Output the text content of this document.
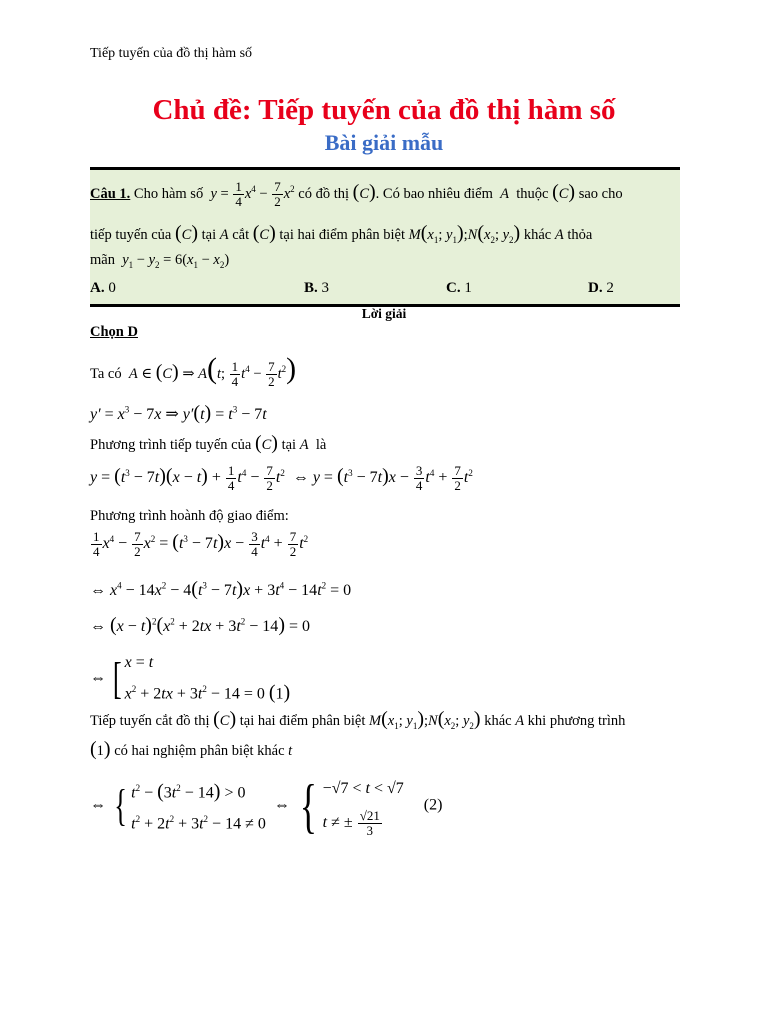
Tiếp tuyến của đồ thị hàm số
Chủ đề: Tiếp tuyến của đồ thị hàm số
Bài giải mẫu
Câu 1. Cho hàm số $y = \frac{1}{4} x^4 - \frac{7}{2} x^2$ có đồ thị (C). Có bao nhiêu điểm A thuộc (C) sao cho
tiếp tuyến của (C) tại A cắt (C) tại hai điểm phân biệt $M(x_1$; $y_1);N(x_2$; $y_2$) khác A thỏa
mãn $y_1 - y_2 = 6(x_1 - x_2)$
A. 0	B. 3	C. 1	D. 2
Lời giải
Chọn D
Ta có A ∈ (C) ⇒ A(t; $\frac{1}{4} t^4 - \frac{7}{2} t^2$)
$y' = x^3 - 7x$ ⇒ $y'(t) = t^3 - 7t$
Phương trình tiếp tuyến của (C) tại A là
$y = (t^3 - 7t)(x - t) + \frac{1}{4} t^4 - \frac{7}{2} t^2$  ⇔ $y = (t^3 - 7t)x - \frac{3}{4} t^4 + \frac{7}{2} t^2$
Phương trình hoành độ giao điểm:
$\frac{1}{4} x^4 - \frac{7}{2} x^2 = (t^3 - 7t)x - \frac{3}{4} t^4 + \frac{7}{2} t^2$
⇔ $x^4 - 14x^2 - 4(t^3 - 7t)x + 3t^4 - 14t^2 = 0$
⇔ $(x - t)^2(x^2 + 2tx + 3t^2 - 14) = 0$
⇔ [ x = t
$x^2 + 2tx + 3t^2 - 14 = 0$ (1)
Tiếp tuyến cắt đồ thị (C) tại hai điểm phân biệt $M(x_1$; $y_1);N(x_2$; $y_2$) khác A khi phương trình
(1) có hai nghiệm phân biệt khác t
⇔ { $t^2 - (3t^2 - 14) > 0$
$t^2 + 2t^2 + 3t^2 - 14 \ne 0$  ⇔ { −√7 < t < √7
t ≠ ± $\frac{√21}{3}$
(2)
